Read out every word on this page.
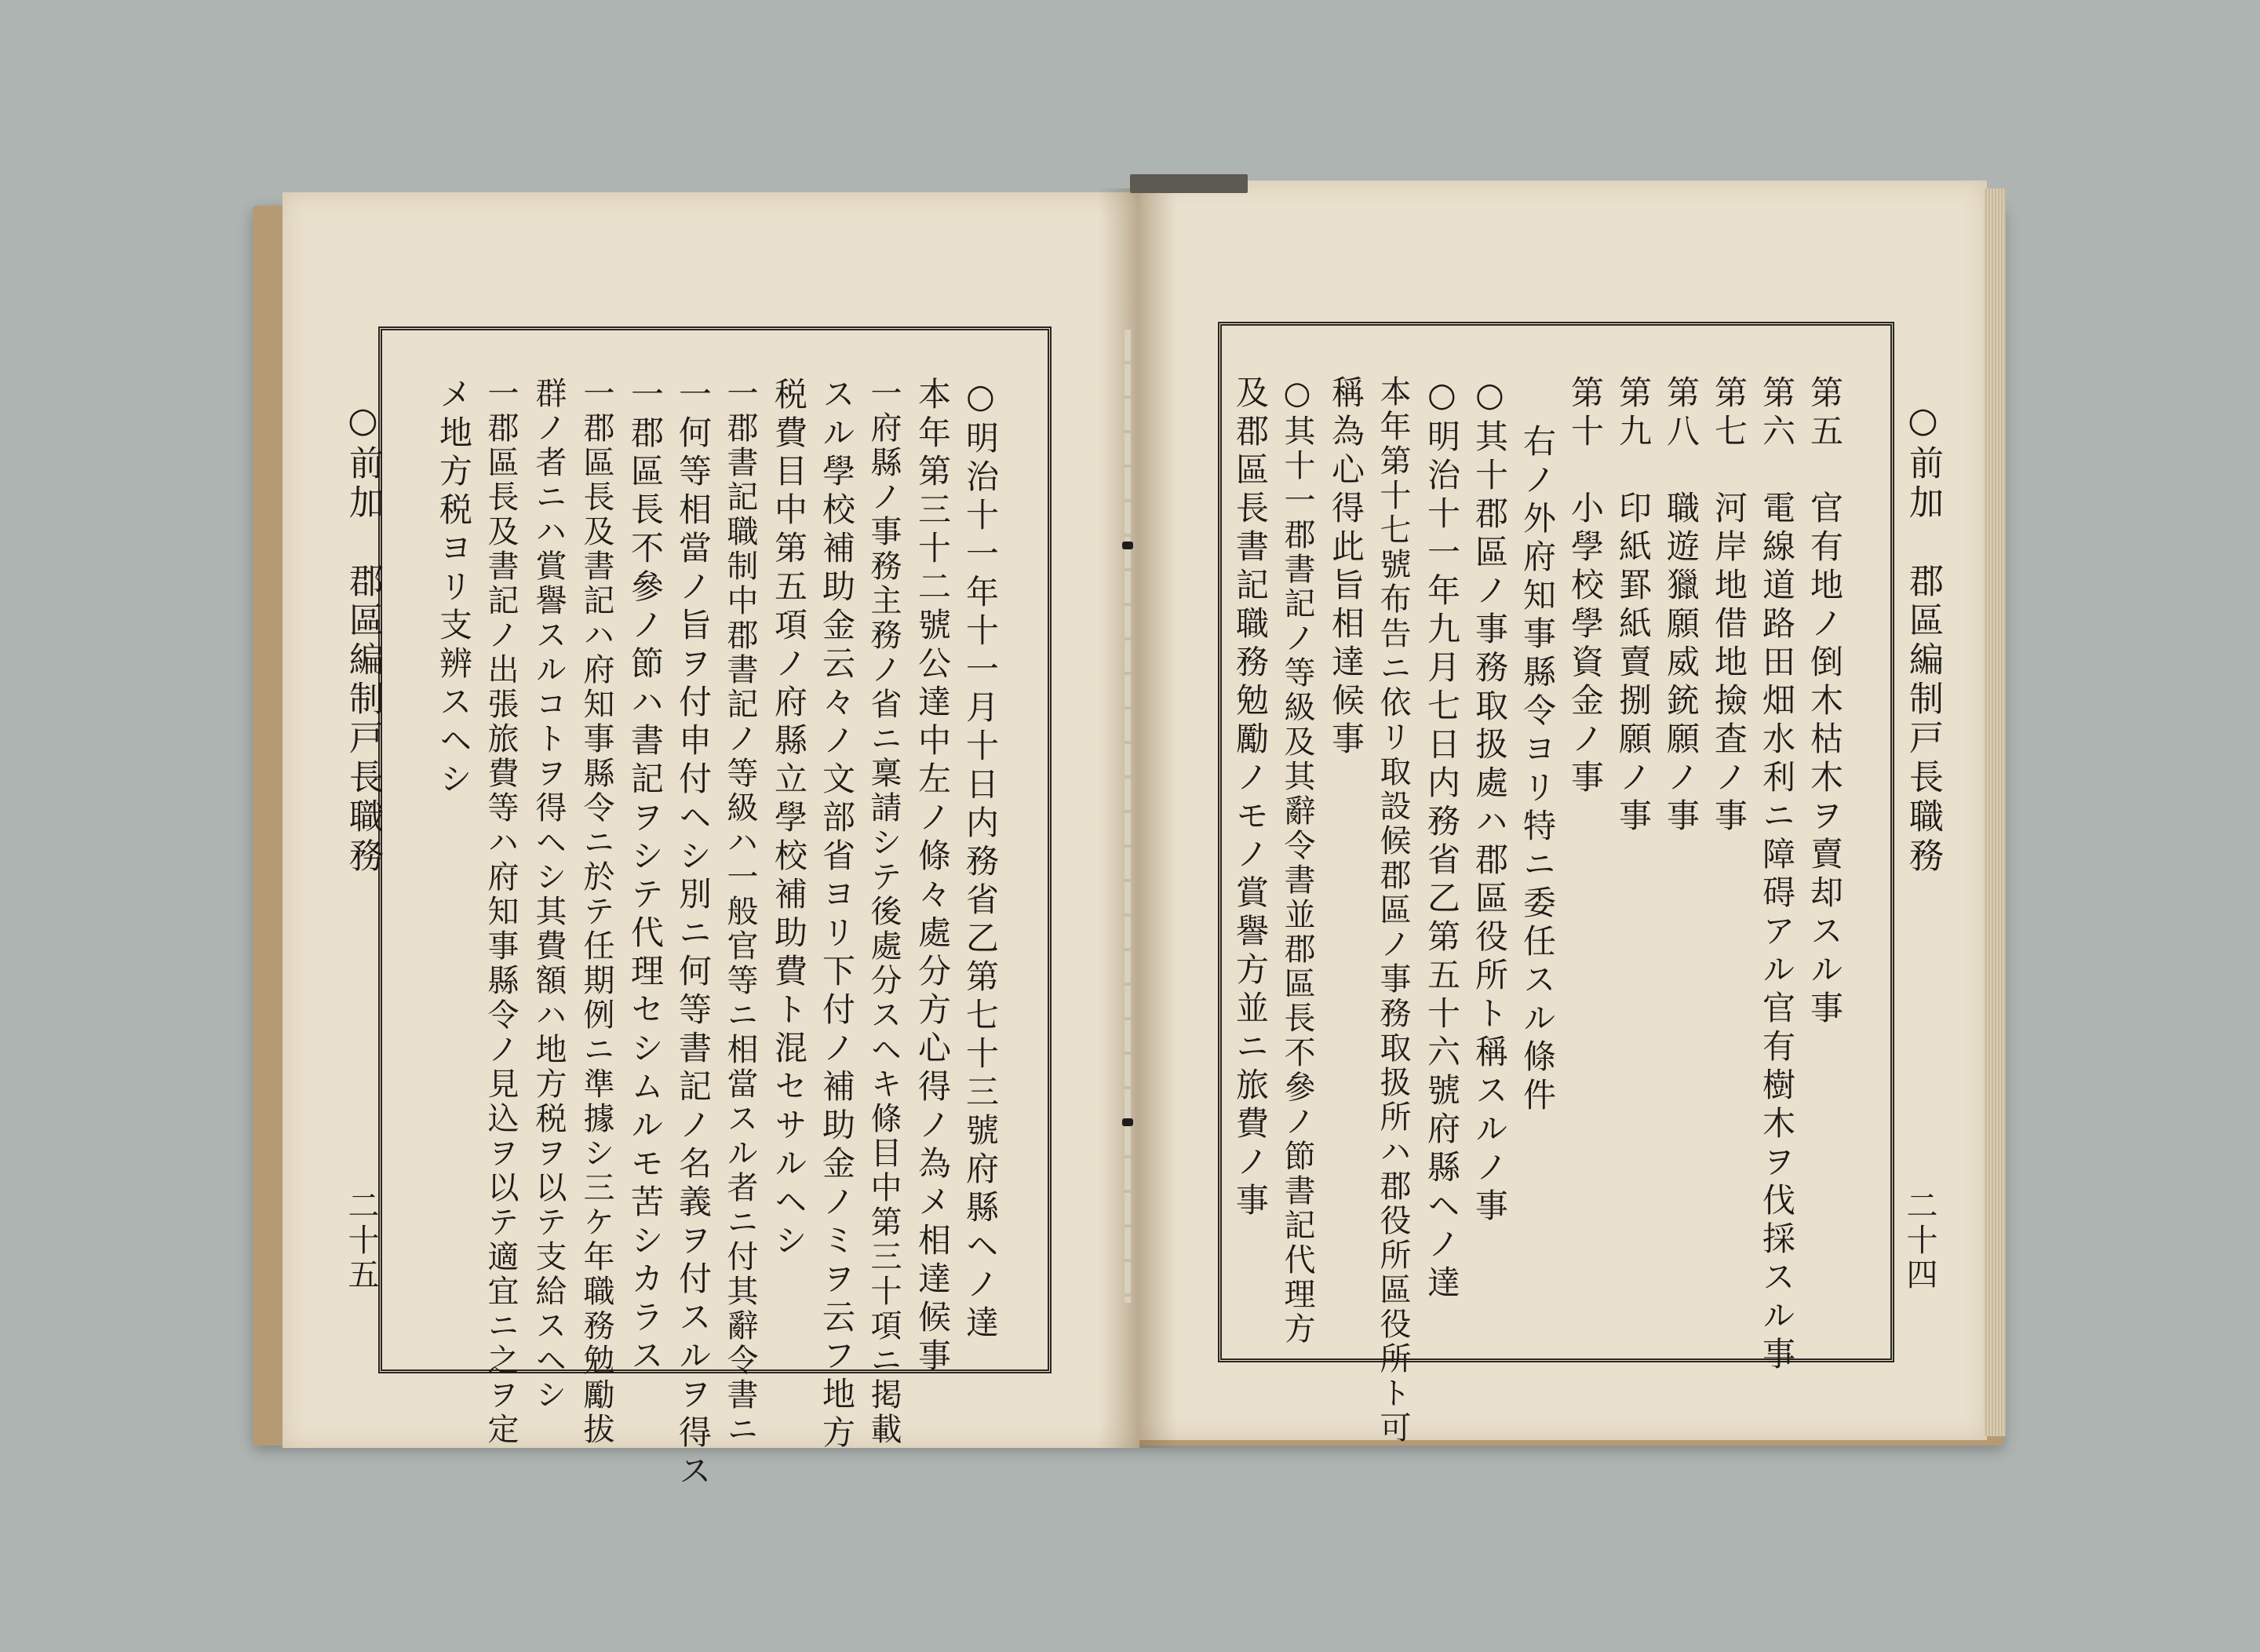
○前加　郡區編制戸長職務
二十五	○明治十一年十一月十日内務省乙第七十三號府縣ヘノ達
本年第三十二號公達中左ノ條々處分方心得ノ為メ相達候事
一府縣ノ事務主務ノ省ニ稟請シテ後處分スヘキ條目中第三十項ニ掲載
スル學校補助金云々ノ文部省ヨリ下付ノ補助金ノミヲ云フ地方
税費目中第五項ノ府縣立學校補助費ト混セサルヘシ
一郡書記職制中郡書記ノ等級ハ一般官等ニ相當スル者ニ付其辭令書ニ
一何等相當ノ旨ヲ付申付ヘシ別ニ何等書記ノ名義ヲ付スルヲ得ス
一郡區長不參ノ節ハ書記ヲシテ代理セシムルモ苦シカラス
一郡區長及書記ハ府知事縣令ニ於テ任期例ニ準據シ三ケ年職務勉勵拔
群ノ者ニハ賞譽スルコトヲ得ヘシ其費額ハ地方税ヲ以テ支給スヘシ
一郡區長及書記ノ出張旅費等ハ府知事縣令ノ見込ヲ以テ適宜ニ之ヲ定
メ地方税ヨリ支辨スヘシ	○前加　郡區編制戸長職務
二十四
第五　官有地ノ倒木枯木ヲ賣却スル事
第六　電線道路田畑水利ニ障碍アル官有樹木ヲ伐採スル事
第七　河岸地借地撿査ノ事
第八　職遊獵願威銃願ノ事
第九　印紙罫紙賣捌願ノ事
第十　小學校學資金ノ事
右ノ外府知事縣令ヨリ特ニ委任スル條件
○其十郡區ノ事務取扱處ハ郡區役所ト稱スルノ事
○明治十一年九月七日内務省乙第五十六號府縣ヘノ達
本年第十七號布告ニ依リ取設候郡區ノ事務取扱所ハ郡役所區役所ト可
稱為心得此旨相達候事
○其十一郡書記ノ等級及其辭令書並郡區長不參ノ節書記代理方
及郡區長書記職務勉勵ノモノ賞譽方並ニ旅費ノ事
